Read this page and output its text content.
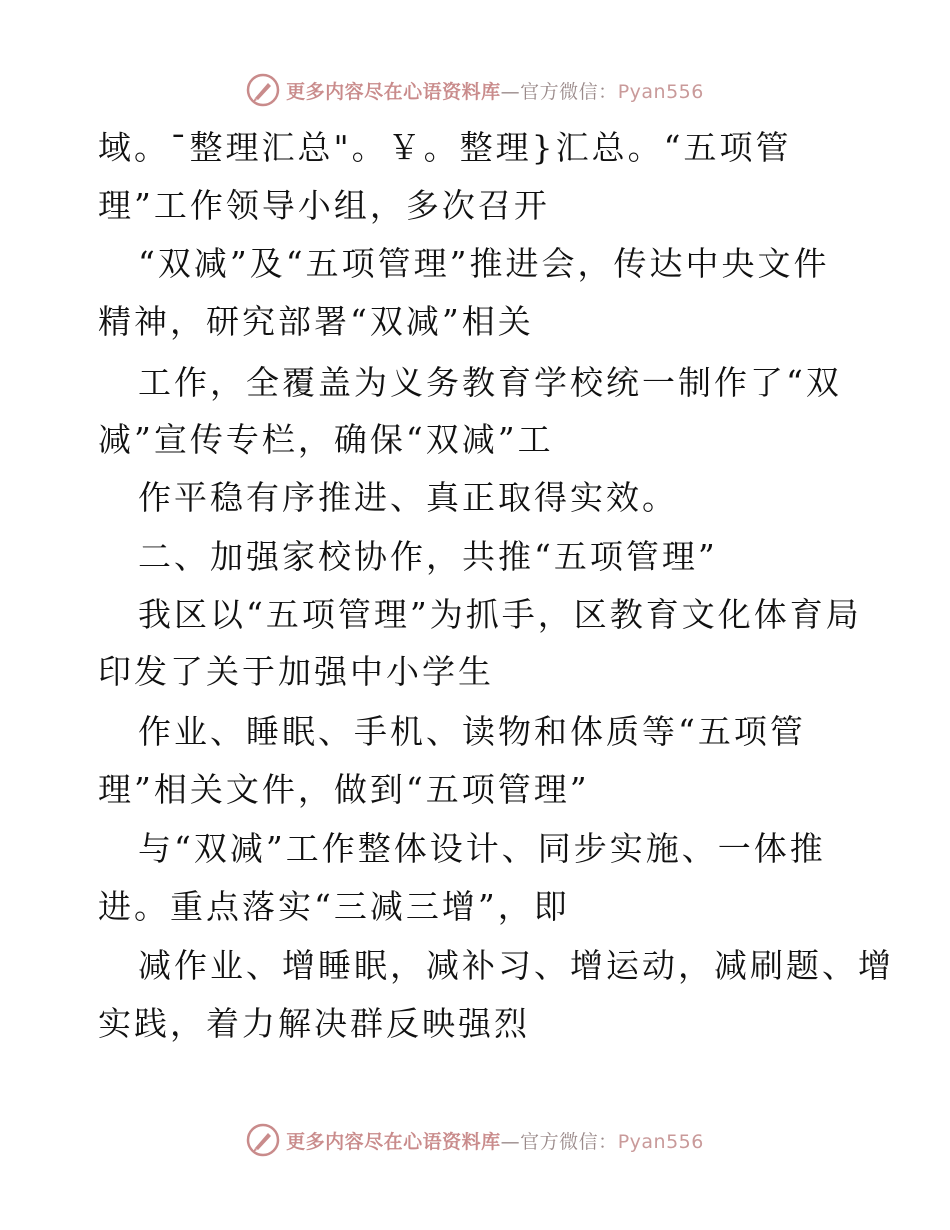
更多内容尽在心语资料库—官方微信：Pyan556
域。¯整理汇总"。￥。整理}汇总。“五项管
理”工作领导小组，多次召开
“双减”及“五项管理”推进会，传达中央文件
精神，研究部署“双减”相关
工作，全覆盖为义务教育学校统一制作了“双
减”宣传专栏，确保“双减”工
作平稳有序推进、真正取得实效。
二、加强家校协作，共推“五项管理”
我区以“五项管理”为抓手，区教育文化体育局
印发了关于加强中小学生
作业、睡眠、手机、读物和体质等“五项管
理”相关文件，做到“五项管理”
与“双减”工作整体设计、同步实施、一体推
进。重点落实“三减三增”，即
减作业、增睡眠，减补习、增运动，减刷题、增
实践，着力解决群反映强烈
更多内容尽在心语资料库—官方微信：Pyan556
